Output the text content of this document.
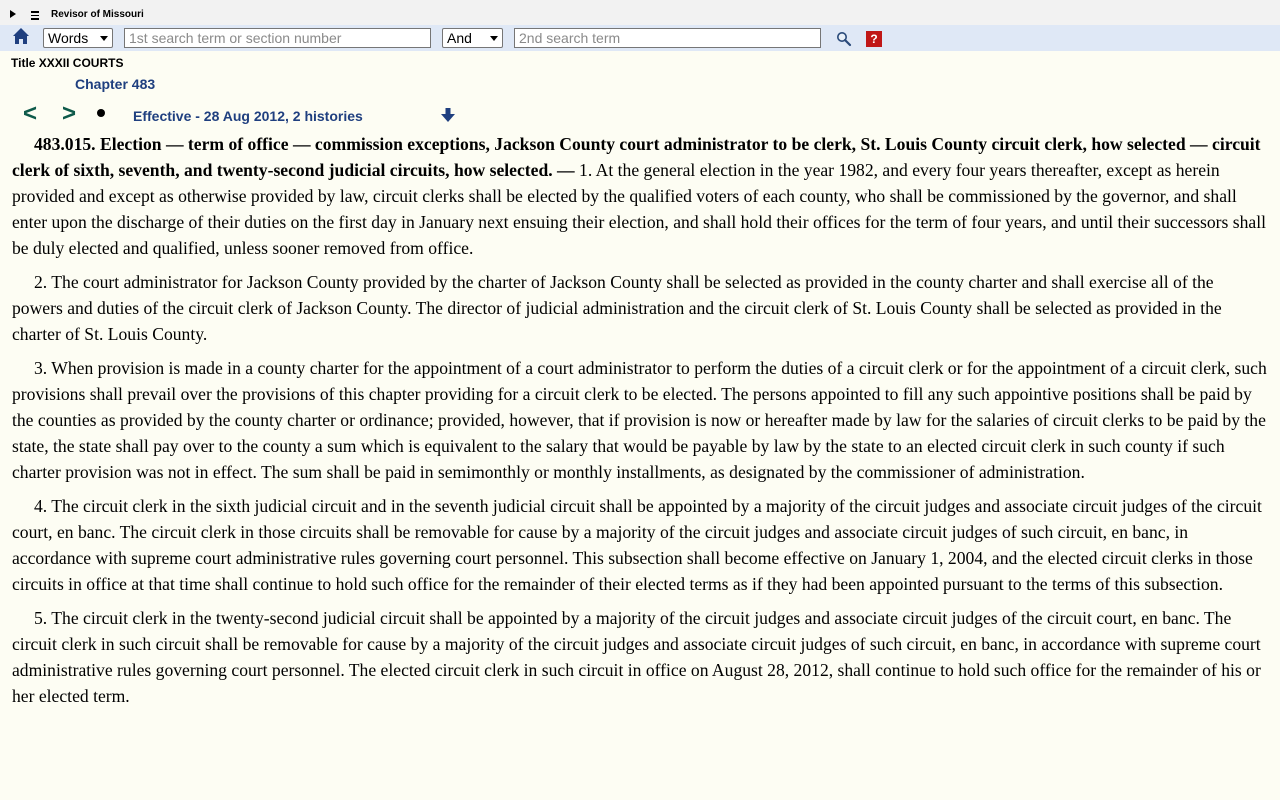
Revisor of Missouri
Words
1st search term or section number	And
2nd search term	?
Title XXXII COURTS
Chapter 483
< >	Effective - 28 Aug 2012, 2 histories

483.015. Election — term of office — commission exceptions, Jackson County court administrator to be clerk, St. Louis County circuit clerk, how selected — circuit clerk of sixth, seventh, and twenty-second judicial circuits, how selected. — 1. At the general election in the year 1982, and every four years thereafter, except as herein provided and except as otherwise provided by law, circuit clerks shall be elected by the qualified voters of each county, who shall be commissioned by the governor, and shall enter upon the discharge of their duties on the first day in January next ensuing their election, and shall hold their offices for the term of four years, and until their successors shall be duly elected and qualified, unless sooner removed from office.

2. The court administrator for Jackson County provided by the charter of Jackson County shall be selected as provided in the county charter and shall exercise all of the powers and duties of the circuit clerk of Jackson County. The director of judicial administration and the circuit clerk of St. Louis County shall be selected as provided in the charter of St. Louis County.

3. When provision is made in a county charter for the appointment of a court administrator to perform the duties of a circuit clerk or for the appointment of a circuit clerk, such provisions shall prevail over the provisions of this chapter providing for a circuit clerk to be elected. The persons appointed to fill any such appointive positions shall be paid by the counties as provided by the county charter or ordinance; provided, however, that if provision is now or hereafter made by law for the salaries of circuit clerks to be paid by the state, the state shall pay over to the county a sum which is equivalent to the salary that would be payable by law by the state to an elected circuit clerk in such county if such charter provision was not in effect. The sum shall be paid in semimonthly or monthly installments, as designated by the commissioner of administration.

4. The circuit clerk in the sixth judicial circuit and in the seventh judicial circuit shall be appointed by a majority of the circuit judges and associate circuit judges of the circuit court, en banc. The circuit clerk in those circuits shall be removable for cause by a majority of the circuit judges and associate circuit judges of such circuit, en banc, in accordance with supreme court administrative rules governing court personnel. This subsection shall become effective on January 1, 2004, and the elected circuit clerks in those circuits in office at that time shall continue to hold such office for the remainder of their elected terms as if they had been appointed pursuant to the terms of this subsection.

5. The circuit clerk in the twenty-second judicial circuit shall be appointed by a majority of the circuit judges and associate circuit judges of the circuit court, en banc. The circuit clerk in such circuit shall be removable for cause by a majority of the circuit judges and associate circuit judges of such circuit, en banc, in accordance with supreme court administrative rules governing court personnel. The elected circuit clerk in such circuit in office on August 28, 2012, shall continue to hold such office for the remainder of his or her elected term.
